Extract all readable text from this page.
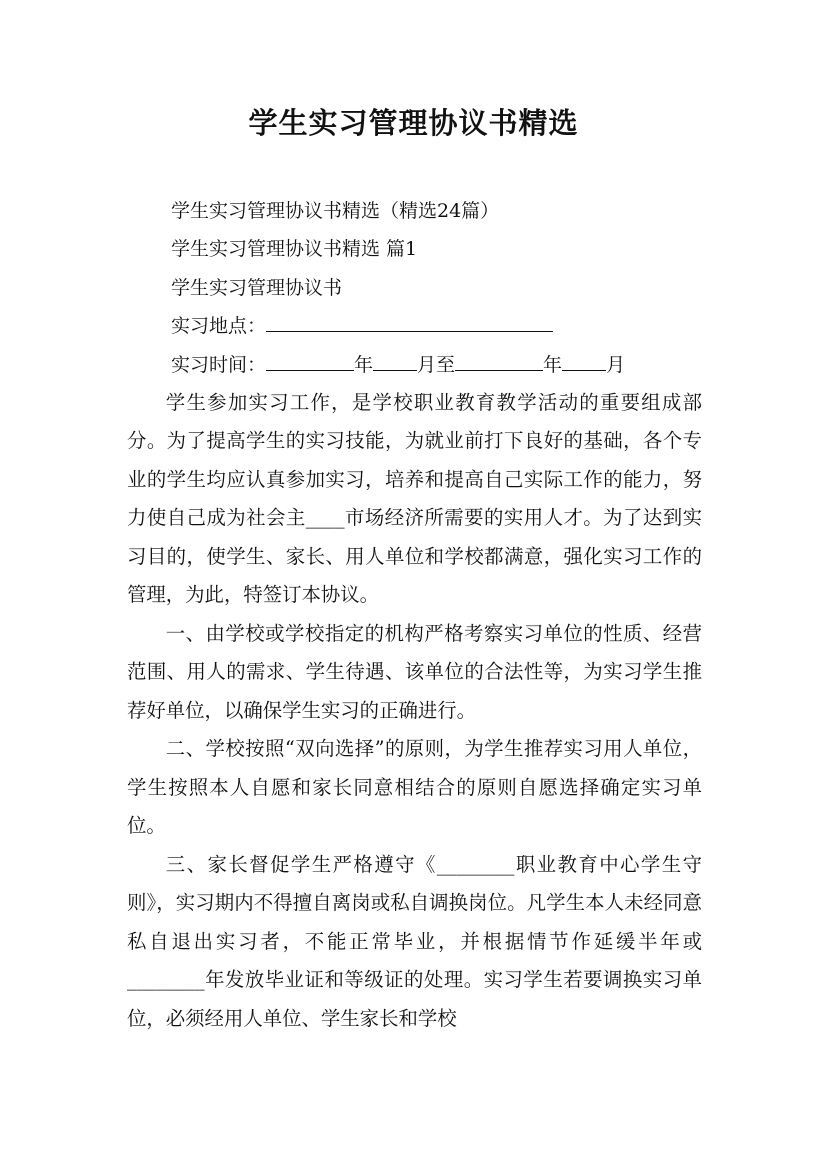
学生实习管理协议书精选

学生实习管理协议书精选（精选24篇）

学生实习管理协议书精选 篇1

学生实习管理协议书

实习地点：

实习时间：	年 月至	年 月

学生参加实习工作，是学校职业教育教学活动的重要组成部分。为了提高学生的实习技能，为就业前打下良好的基础，各个专业的学生均应认真参加实习，培养和提高自己实际工作的能力，努力使自己成为社会主____市场经济所需要的实用人才。为了达到实习目的，使学生、家长、用人单位和学校都满意，强化实习工作的管理，为此，特签订本协议。

一、由学校或学校指定的机构严格考察实习单位的性质、经营范围、用人的需求、学生待遇、该单位的合法性等，为实习学生推荐好单位，以确保学生实习的正确进行。

二、学校按照“双向选择”的原则，为学生推荐实习用人单位，学生按照本人自愿和家长同意相结合的原则自愿选择确定实习单位。

三、家长督促学生严格遵守《________职业教育中心学生守则》，实习期内不得擅自离岗或私自调换岗位。凡学生本人未经同意私自退出实习者，不能正常毕业，并根据情节作延缓半年或________年发放毕业证和等级证的处理。实习学生若要调换实习单位，必须经用人单位、学生家长和学校
